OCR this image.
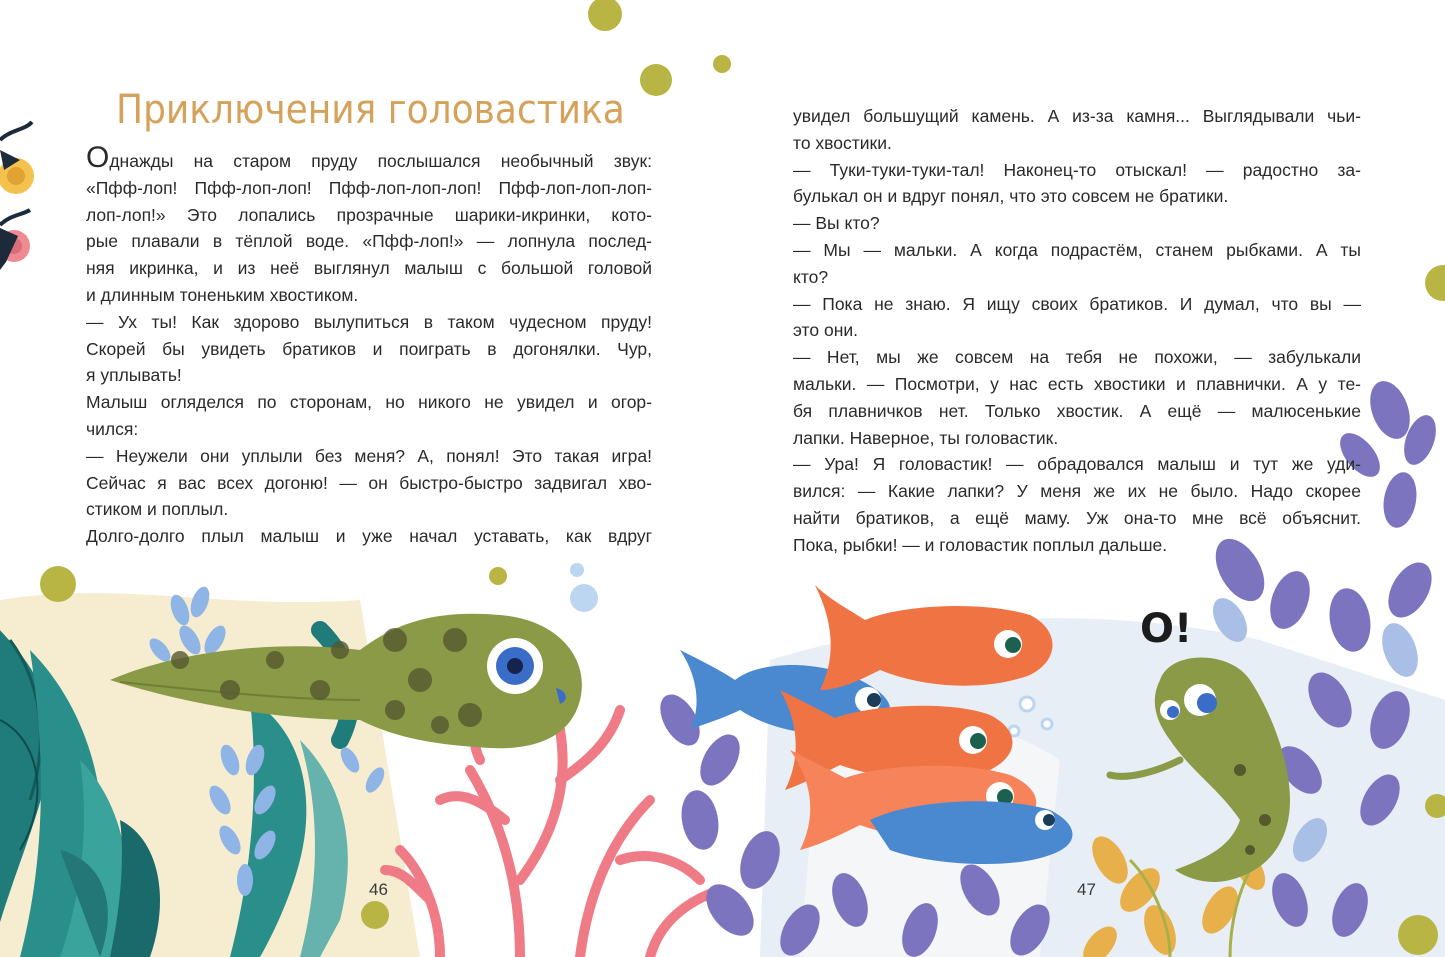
Приключения головастика
Однажды на старом пруду послышался необычный звук:
«Пфф-лоп! Пфф-лоп-лоп! Пфф-лоп-лоп-лоп! Пфф-лоп-лоп-лоп-
лоп-лоп!» Это лопались прозрачные шарики-икринки, кото-
рые плавали в тёплой воде. «Пфф-лоп!» — лопнула послед-
няя икринка, и из неё выглянул малыш с большой головой
и длинным тоненьким хвостиком.
— Ух ты! Как здорово вылупиться в таком чудесном пруду!
Скорей бы увидеть братиков и поиграть в догонялки. Чур,
я уплывать!
Малыш огляделся по сторонам, но никого не увидел и огор-
чился:
— Неужели они уплыли без меня? А, понял! Это такая игра!
Сейчас я вас всех догоню! — он быстро-быстро задвигал хво-
стиком и поплыл.
Долго-долго плыл малыш и уже начал уставать, как вдруг
увидел большущий камень. А из-за камня... Выглядывали чьи-
то хвостики.
— Туки-туки-туки-тал! Наконец-то отыскал! — радостно за-
булькал он и вдруг понял, что это совсем не братики.
— Вы кто?
— Мы — мальки. А когда подрастём, станем рыбками. А ты
кто?
— Пока не знаю. Я ищу своих братиков. И думал, что вы —
это они.
— Нет, мы же совсем на тебя не похожи, — забулькали
мальки. — Посмотри, у нас есть хвостики и плавнички. А у те-
бя плавничков нет. Только хвостик. А ещё — малюсенькие
лапки. Наверное, ты головастик.
— Ура! Я головастик! — обрадовался малыш и тут же уди-
вился: — Какие лапки? У меня же их не было. Надо скорее
найти братиков, а ещё маму. Уж она-то мне всё объяснит.
Пока, рыбки! — и головастик поплыл дальше.
О!
46	47
